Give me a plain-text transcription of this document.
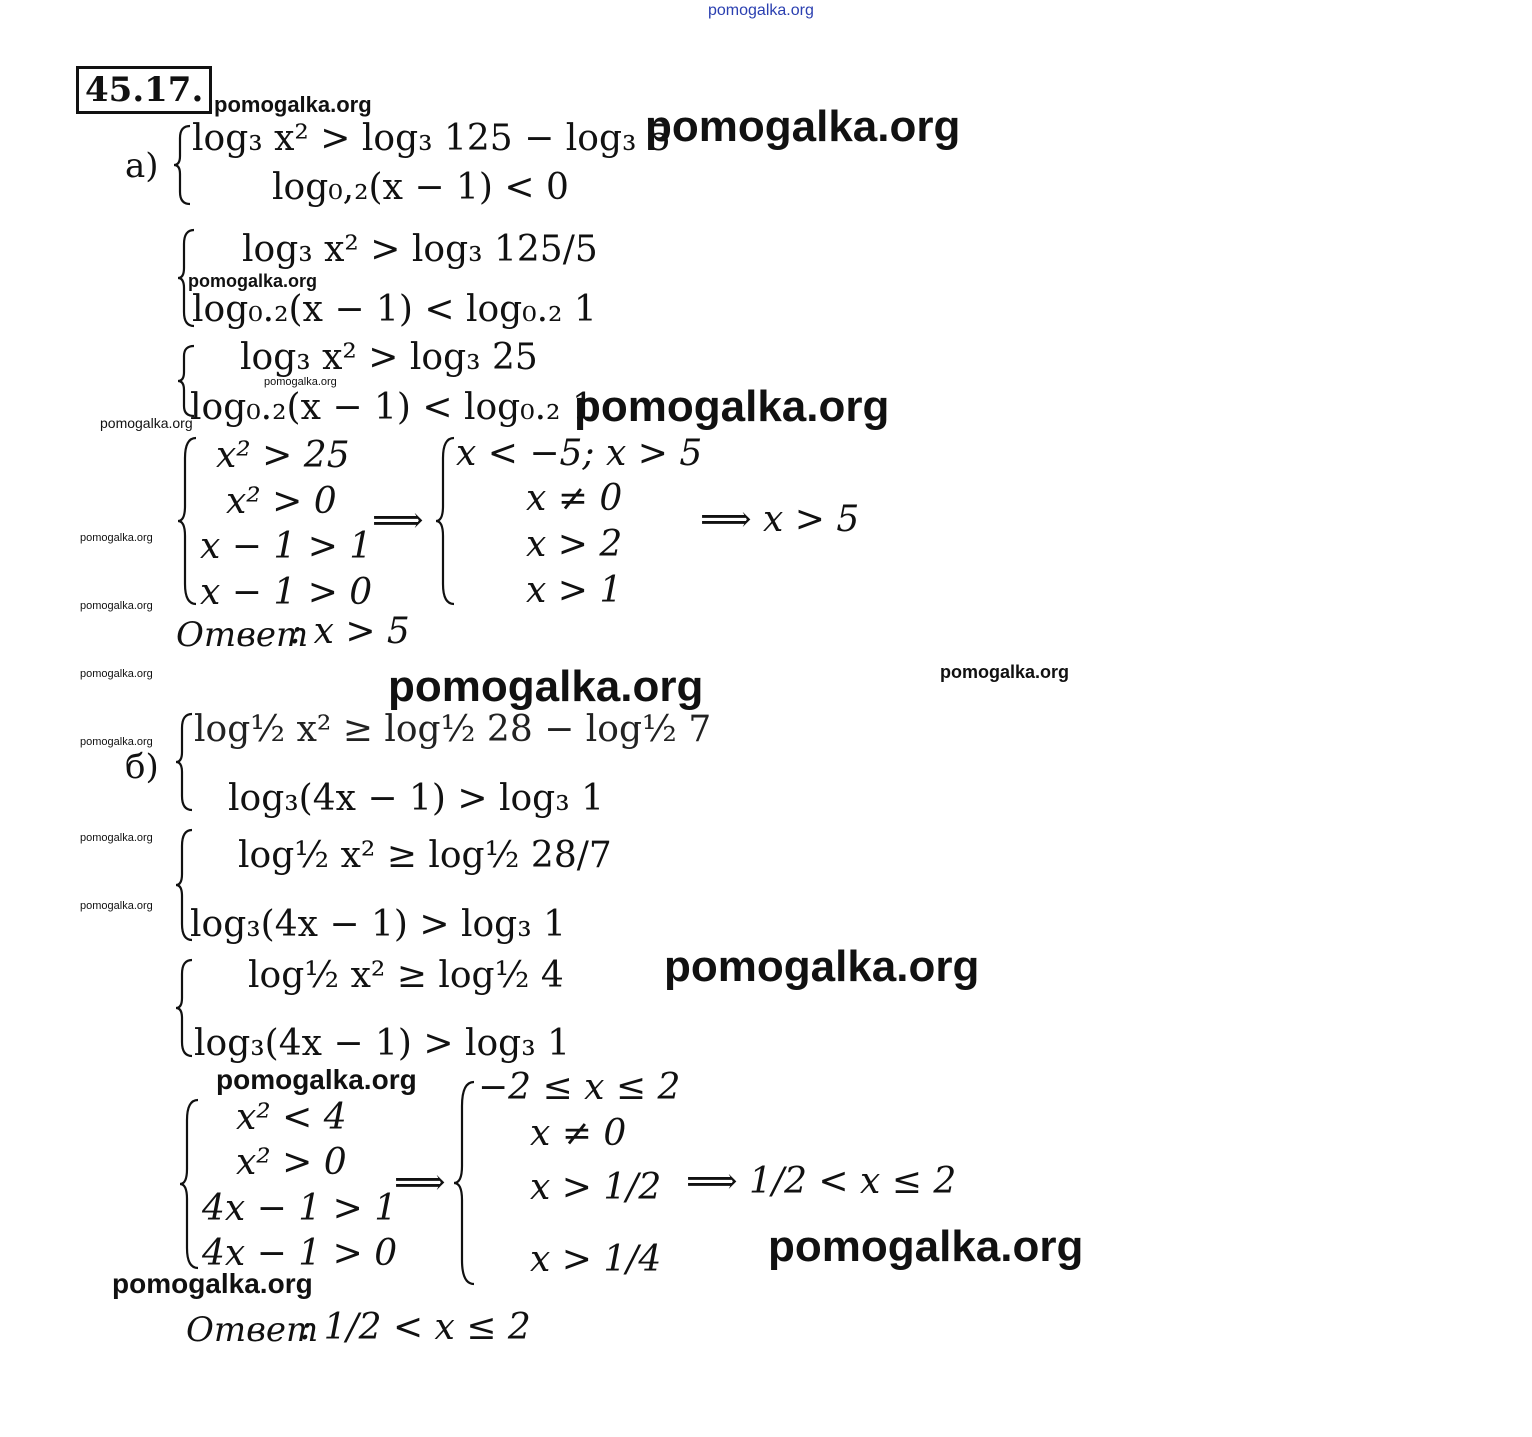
pomogalka.org
45.17.
а)
log₃ x² > log₃ 125 − log₃ 5
log₀,₂(x − 1) < 0
log₃ x² > log₃ 125/5
log₀.₂(x − 1) < log₀.₂ 1
log₃ x² > log₃ 25
log₀.₂(x − 1) < log₀.₂ 1
x² > 25
x² > 0
x − 1 > 1
x − 1 > 0
⟹
x < −5; x > 5
x ≠ 0
x > 2
x > 1
⟹ x > 5
Ответ
: x > 5
б)
log½ x² ≥ log½ 28 − log½ 7
log₃(4x − 1) > log₃ 1
log½ x² ≥ log½ 28/7
log₃(4x − 1) > log₃ 1
log½ x² ≥ log½ 4
log₃(4x − 1) > log₃ 1
x² < 4
x² > 0
4x − 1 > 1
4x − 1 > 0
⟹
−2 ≤ x ≤ 2
x ≠ 0
x > 1/2
x > 1/4
⟹ 1/2 < x ≤ 2
Ответ
: 1/2 < x ≤ 2
pomogalka.org	pomogalka.org
pomogalka.org
pomogalka.org	pomogalka.org
pomogalka.org
pomogalka.org
pomogalka.org
pomogalka.org	pomogalka.org	pomogalka.org
pomogalka.org
pomogalka.org
pomogalka.org
pomogalka.org
pomogalka.org
pomogalka.org
pomogalka.org
